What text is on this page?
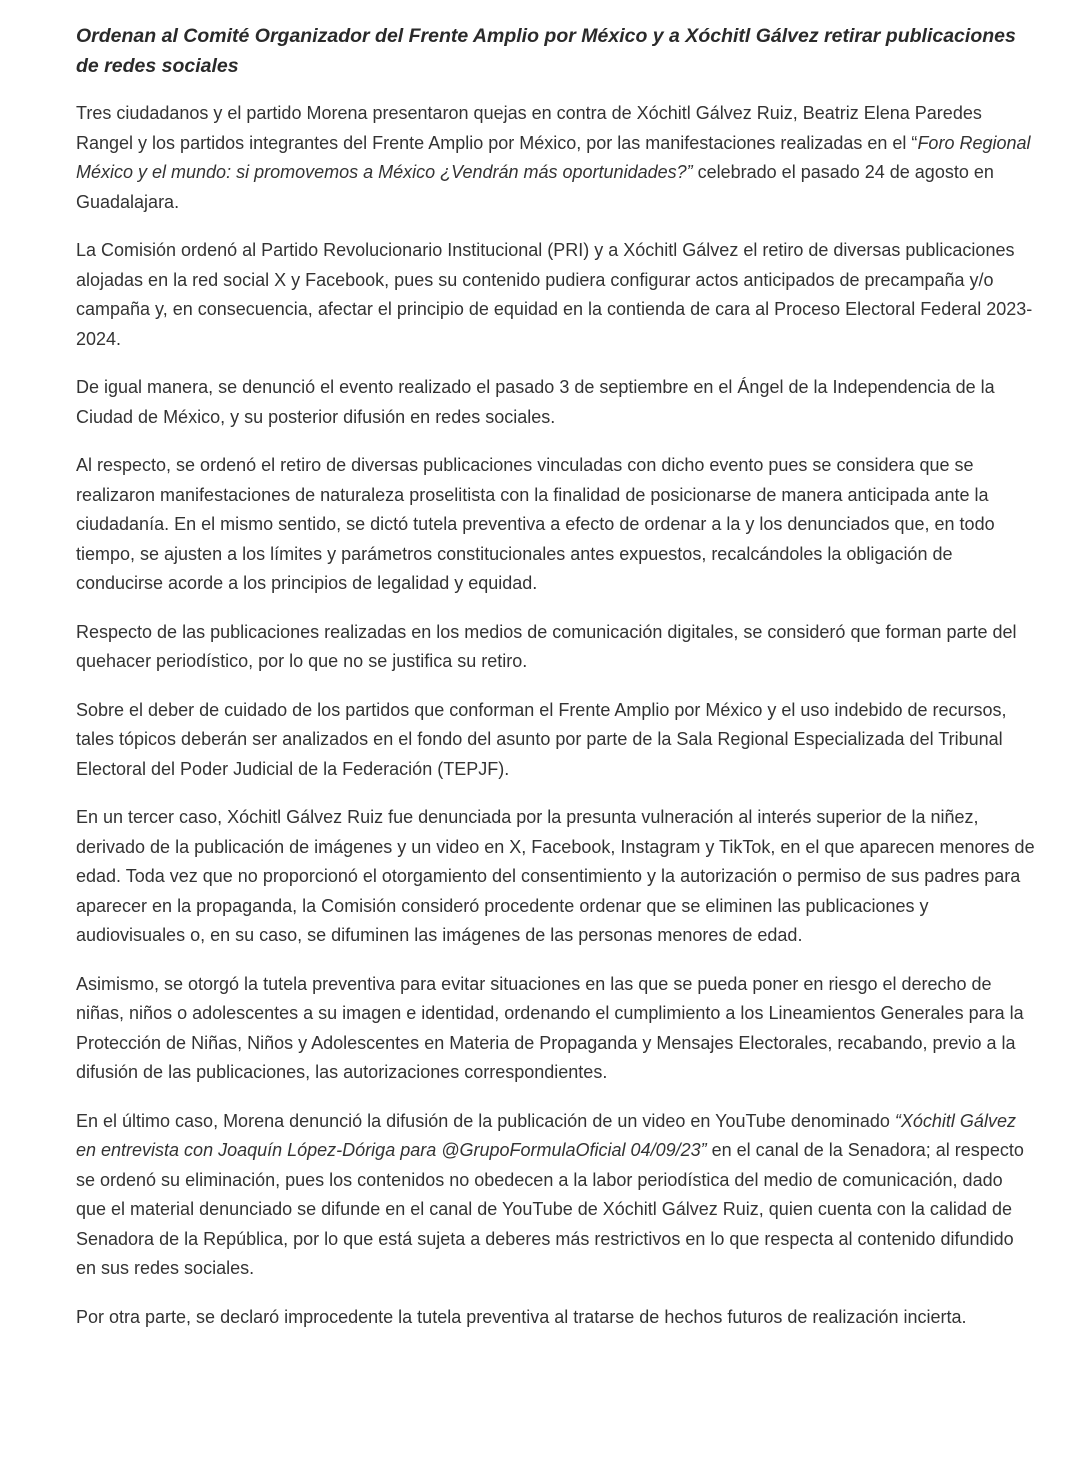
Ordenan al Comité Organizador del Frente Amplio por México y a Xóchitl Gálvez retirar publicaciones de redes sociales

Tres ciudadanos y el partido Morena presentaron quejas en contra de Xóchitl Gálvez Ruiz, Beatriz Elena Paredes Rangel y los partidos integrantes del Frente Amplio por México, por las manifestaciones realizadas en el “Foro Regional México y el mundo: si promovemos a México ¿Vendrán más oportunidades?” celebrado el pasado 24 de agosto en Guadalajara.

La Comisión ordenó al Partido Revolucionario Institucional (PRI) y a Xóchitl Gálvez el retiro de diversas publicaciones alojadas en la red social X y Facebook, pues su contenido pudiera configurar actos anticipados de precampaña y/o campaña y, en consecuencia, afectar el principio de equidad en la contienda de cara al Proceso Electoral Federal 2023-2024.

De igual manera, se denunció el evento realizado el pasado 3 de septiembre en el Ángel de la Independencia de la Ciudad de México, y su posterior difusión en redes sociales.

Al respecto, se ordenó el retiro de diversas publicaciones vinculadas con dicho evento pues se considera que se realizaron manifestaciones de naturaleza proselitista con la finalidad de posicionarse de manera anticipada ante la ciudadanía. En el mismo sentido, se dictó tutela preventiva a efecto de ordenar a la y los denunciados que, en todo tiempo, se ajusten a los límites y parámetros constitucionales antes expuestos, recalcándoles la obligación de conducirse acorde a los principios de legalidad y equidad.

Respecto de las publicaciones realizadas en los medios de comunicación digitales, se consideró que forman parte del quehacer periodístico, por lo que no se justifica su retiro.

Sobre el deber de cuidado de los partidos que conforman el Frente Amplio por México y el uso indebido de recursos, tales tópicos deberán ser analizados en el fondo del asunto por parte de la Sala Regional Especializada del Tribunal Electoral del Poder Judicial de la Federación (TEPJF).

En un tercer caso, Xóchitl Gálvez Ruiz fue denunciada por la presunta vulneración al interés superior de la niñez, derivado de la publicación de imágenes y un video en X, Facebook, Instagram y TikTok, en el que aparecen menores de edad. Toda vez que no proporcionó el otorgamiento del consentimiento y la autorización o permiso de sus padres para aparecer en la propaganda, la Comisión consideró procedente ordenar que se eliminen las publicaciones y audiovisuales o, en su caso, se difuminen las imágenes de las personas menores de edad.

Asimismo, se otorgó la tutela preventiva para evitar situaciones en las que se pueda poner en riesgo el derecho de niñas, niños o adolescentes a su imagen e identidad, ordenando el cumplimiento a los Lineamientos Generales para la Protección de Niñas, Niños y Adolescentes en Materia de Propaganda y Mensajes Electorales, recabando, previo a la difusión de las publicaciones, las autorizaciones correspondientes.

En el último caso, Morena denunció la difusión de la publicación de un video en YouTube denominado “Xóchitl Gálvez en entrevista con Joaquín López-Dóriga para @GrupoFormulaOficial 04/09/23” en el canal de la Senadora; al respecto se ordenó su eliminación, pues los contenidos no obedecen a la labor periodística del medio de comunicación, dado que el material denunciado se difunde en el canal de YouTube de Xóchitl Gálvez Ruiz, quien cuenta con la calidad de Senadora de la República, por lo que está sujeta a deberes más restrictivos en lo que respecta al contenido difundido en sus redes sociales.

Por otra parte, se declaró improcedente la tutela preventiva al tratarse de hechos futuros de realización incierta.
